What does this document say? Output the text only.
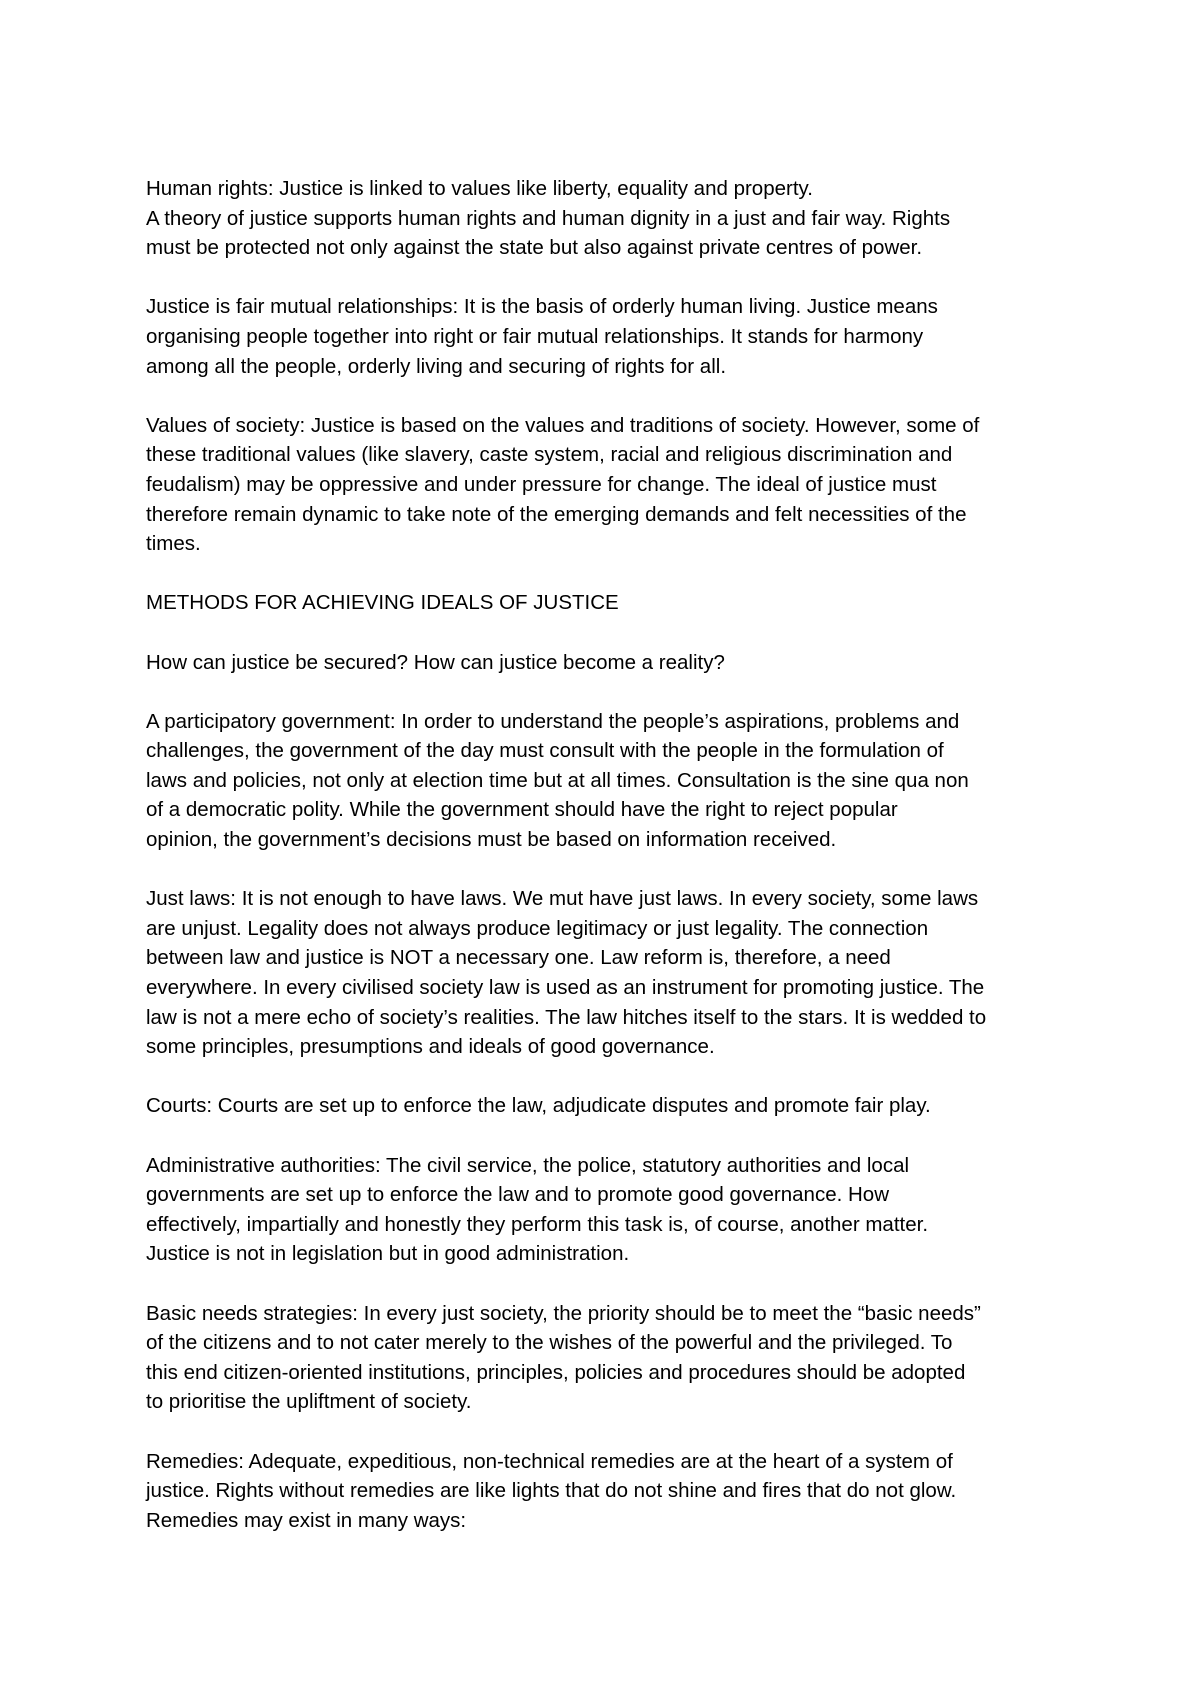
Human rights: Justice is linked to values like liberty, equality and property.
A theory of justice supports human rights and human dignity in a just and fair way. Rights
must be protected not only against the state but also against private centres of power.

Justice is fair mutual relationships: It is the basis of orderly human living. Justice means
organising people together into right or fair mutual relationships. It stands for harmony
among all the people, orderly living and securing of rights for all.

Values of society: Justice is based on the values and traditions of society. However, some of
these traditional values (like slavery, caste system, racial and religious discrimination and
feudalism) may be oppressive and under pressure for change. The ideal of justice must
therefore remain dynamic to take note of the emerging demands and felt necessities of the
times.

METHODS FOR ACHIEVING IDEALS OF JUSTICE

How can justice be secured? How can justice become a reality?

A participatory government: In order to understand the people’s aspirations, problems and
challenges, the government of the day must consult with the people in the formulation of
laws and policies, not only at election time but at all times. Consultation is the sine qua non
of a democratic polity. While the government should have the right to reject popular
opinion, the government’s decisions must be based on information received.

Just laws: It is not enough to have laws. We mut have just laws. In every society, some laws
are unjust. Legality does not always produce legitimacy or just legality. The connection
between law and justice is NOT a necessary one. Law reform is, therefore, a need
everywhere. In every civilised society law is used as an instrument for promoting justice. The
law is not a mere echo of society’s realities. The law hitches itself to the stars. It is wedded to
some principles, presumptions and ideals of good governance.

Courts: Courts are set up to enforce the law, adjudicate disputes and promote fair play.

Administrative authorities: The civil service, the police, statutory authorities and local
governments are set up to enforce the law and to promote good governance. How
effectively, impartially and honestly they perform this task is, of course, another matter.
Justice is not in legislation but in good administration.

Basic needs strategies: In every just society, the priority should be to meet the “basic needs”
of the citizens and to not cater merely to the wishes of the powerful and the privileged. To
this end citizen-oriented institutions, principles, policies and procedures should be adopted
to prioritise the upliftment of society.

Remedies: Adequate, expeditious, non-technical remedies are at the heart of a system of
justice. Rights without remedies are like lights that do not shine and fires that do not glow.
Remedies may exist in many ways:
